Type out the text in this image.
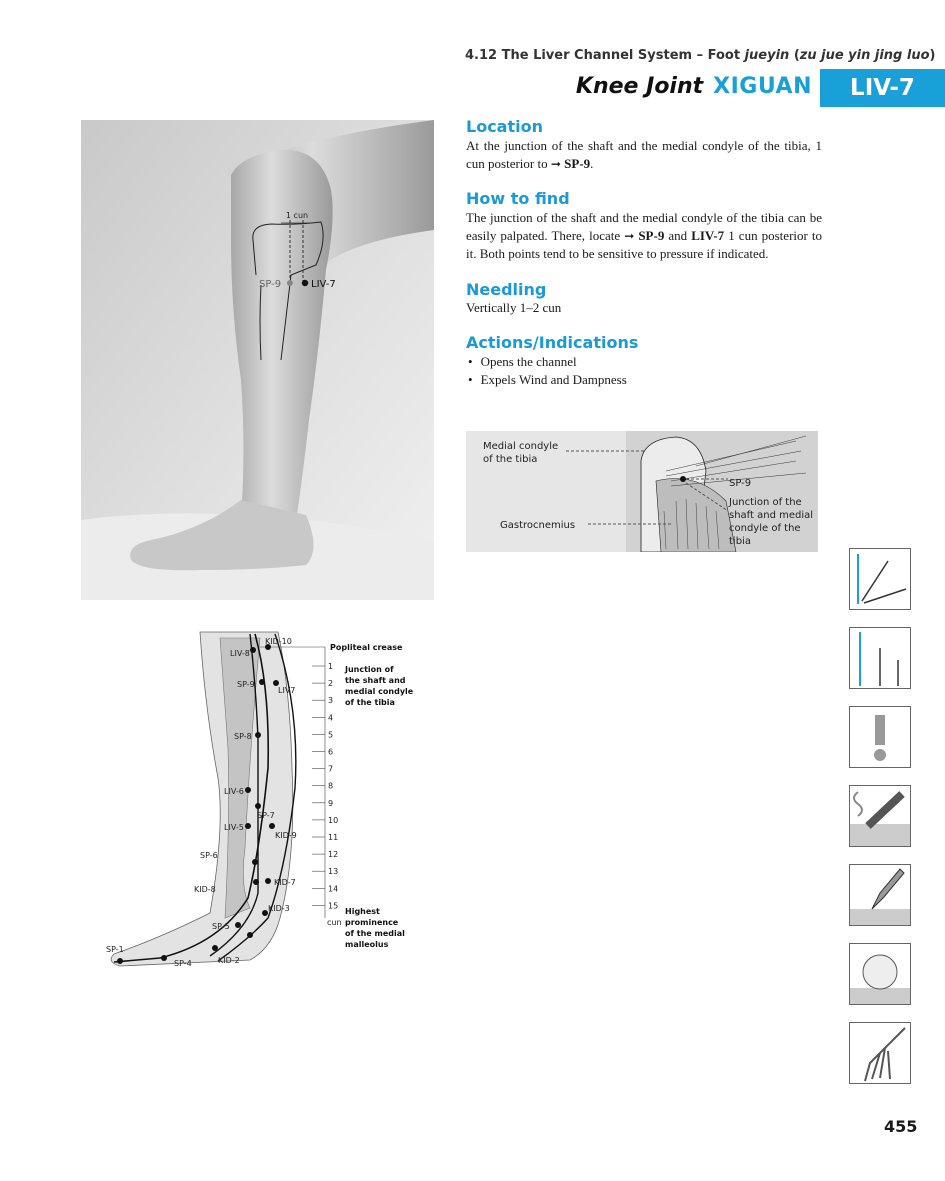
4.12 The Liver Channel System – Foot jueyin (zu jue yin jing luo)
Knee Joint XIGUAN LIV-7
Location
At the junction of the shaft and the medial condyle of the tibia, 1 cun posterior to ➞ SP-9.
How to find
The junction of the shaft and the medial condyle of the tibia can be easily palpated. There, locate ➞ SP-9 and LIV-7 1 cun posterior to it. Both points tend to be sensitive to pressure if indicated.
Needling
Vertically 1–2 cun
Actions/Indications
• Opens the channel
• Expels Wind and Dampness
1 cun
SP-9	LIV-7
Medial condyle
of the tibia
Gastrocnemius
SP-9
Junction of the
shaft and medial
condyle of the
tibia
1
2
3
4
5
6
7
8
9
10
11
12
13
14
15
KID-10
LIV-8
SP-9
LIV7
SP-8
LIV-6
SP-7
LIV-5
KID-9
SP-6
KID-7
KID-8
KID-3
SP-5
SP-1
SP-4	KID-2
Popliteal crease
Junction of
the shaft and
medial condyle
of the tibia
Highest
prominence
of the medial
malleolus
cun
455
